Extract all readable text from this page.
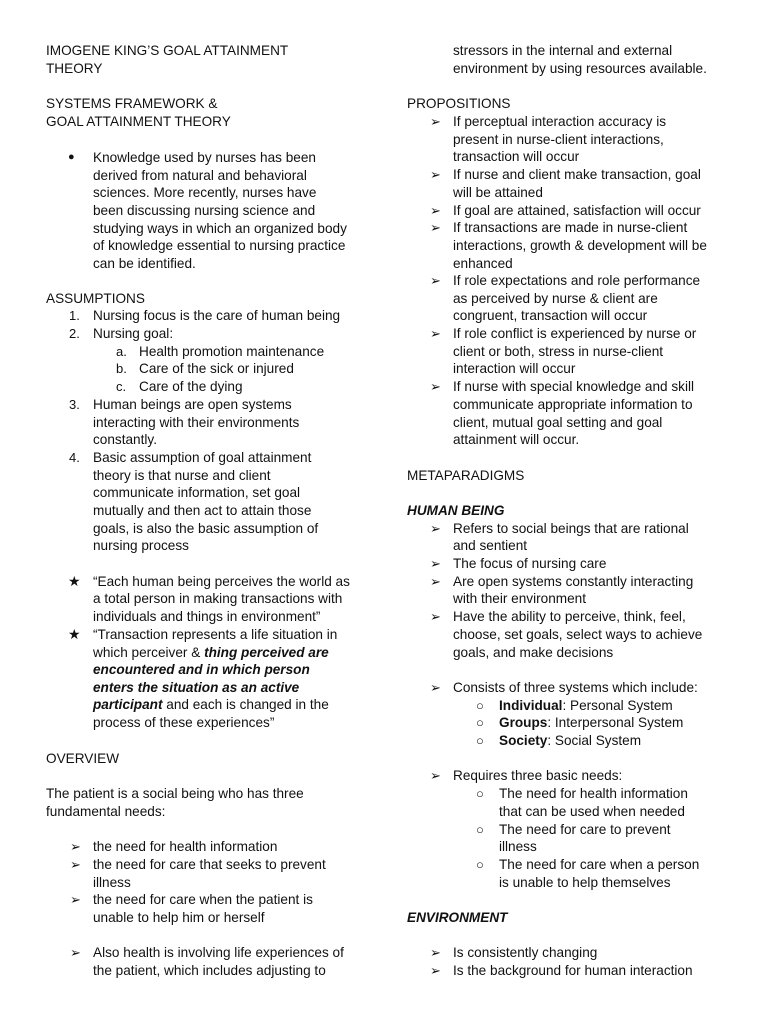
IMOGENE KING’S GOAL ATTAINMENT
THEORY
SYSTEMS FRAMEWORK &
GOAL ATTAINMENT THEORY
● Knowledge used by nurses has been
derived from natural and behavioral
sciences. More recently, nurses have
been discussing nursing science and
studying ways in which an organized body
of knowledge essential to nursing practice
can be identified.
ASSUMPTIONS
1. Nursing focus is the care of human being
2. Nursing goal:
a. Health promotion maintenance
b. Care of the sick or injured
c. Care of the dying
3. Human beings are open systems
interacting with their environments
constantly.
4. Basic assumption of goal attainment
theory is that nurse and client
communicate information, set goal
mutually and then act to attain those
goals, is also the basic assumption of
nursing process
★ “Each human being perceives the world as
a total person in making transactions with
individuals and things in environment”
★ “Transaction represents a life situation in
which perceiver & thing perceived are
encountered and in which person
enters the situation as an active
participant and each is changed in the
process of these experiences”
OVERVIEW
The patient is a social being who has three
fundamental needs:
➢ the need for health information
➢ the need for care that seeks to prevent
illness
➢ the need for care when the patient is
unable to help him or herself
➢ Also health is involving life experiences of
the patient, which includes adjusting to
stressors in the internal and external
environment by using resources available.
PROPOSITIONS
➢ If perceptual interaction accuracy is
present in nurse-client interactions,
transaction will occur
➢ If nurse and client make transaction, goal
will be attained
➢ If goal are attained, satisfaction will occur
➢ If transactions are made in nurse-client
interactions, growth & development will be
enhanced
➢ If role expectations and role performance
as perceived by nurse & client are
congruent, transaction will occur
➢ If role conflict is experienced by nurse or
client or both, stress in nurse-client
interaction will occur
➢ If nurse with special knowledge and skill
communicate appropriate information to
client, mutual goal setting and goal
attainment will occur.
METAPARADIGMS
HUMAN BEING
➢ Refers to social beings that are rational
and sentient
➢ The focus of nursing care
➢ Are open systems constantly interacting
with their environment
➢ Have the ability to perceive, think, feel,
choose, set goals, select ways to achieve
goals, and make decisions
➢ Consists of three systems which include:
○ Individual: Personal System
○ Groups: Interpersonal System
○ Society: Social System
➢ Requires three basic needs:
○ The need for health information
that can be used when needed
○ The need for care to prevent
illness
○ The need for care when a person
is unable to help themselves
ENVIRONMENT
➢ Is consistently changing
➢ Is the background for human interaction
